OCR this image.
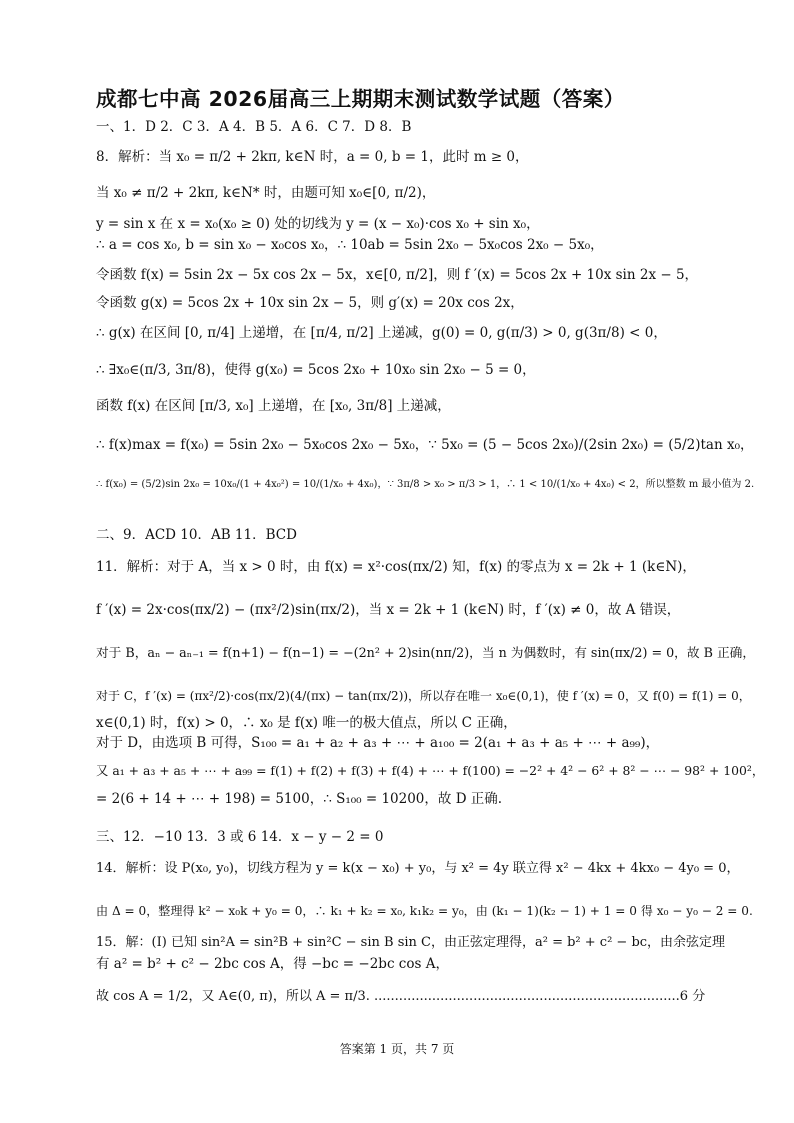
成都七中高 2026届高三上期期末测试数学试题（答案）
一、1．D 2．C 3．A 4．B 5．A 6．C 7．D 8．B
8．解析：当 x₀ = π/2 + 2kπ, k∈N 时，a = 0, b = 1，此时 m ≥ 0，
当 x₀ ≠ π/2 + 2kπ, k∈N* 时，由题可知 x₀∈[0, π/2)，
y = sin x 在 x = x₀(x₀ ≥ 0) 处的切线为 y = (x − x₀)·cos x₀ + sin x₀，
∴ a = cos x₀, b = sin x₀ − x₀cos x₀，∴ 10ab = 5sin 2x₀ − 5x₀cos 2x₀ − 5x₀，
令函数 f(x) = 5sin 2x − 5x cos 2x − 5x，x∈[0, π/2]，则 f ′(x) = 5cos 2x + 10x sin 2x − 5，
令函数 g(x) = 5cos 2x + 10x sin 2x − 5，则 g′(x) = 20x cos 2x，
∴ g(x) 在区间 [0, π/4] 上递增，在 [π/4, π/2] 上递减，g(0) = 0, g(π/3) > 0, g(3π/8) < 0，
∴ ∃x₀∈(π/3, 3π/8)，使得 g(x₀) = 5cos 2x₀ + 10x₀ sin 2x₀ − 5 = 0，
函数 f(x) 在区间 [π/3, x₀] 上递增，在 [x₀, 3π/8] 上递减，
∴ f(x)max = f(x₀) = 5sin 2x₀ − 5x₀cos 2x₀ − 5x₀，∵ 5x₀ = (5 − 5cos 2x₀)/(2sin 2x₀) = (5/2)tan x₀，
∴ f(x₀) = (5/2)sin 2x₀ = 10x₀/(1 + 4x₀²) = 10/(1/x₀ + 4x₀)，∵ 3π/8 > x₀ > π/3 > 1，∴ 1 < 10/(1/x₀ + 4x₀) < 2，所以整数 m 最小值为 2.
二、9．ACD 10．AB 11．BCD
11．解析：对于 A，当 x > 0 时，由 f(x) = x²·cos(πx/2) 知，f(x) 的零点为 x = 2k + 1 (k∈N)，
f ′(x) = 2x·cos(πx/2) − (πx²/2)sin(πx/2)，当 x = 2k + 1 (k∈N) 时，f ′(x) ≠ 0，故 A 错误，
对于 B，aₙ − aₙ₋₁ = f(n+1) − f(n−1) = −(2n² + 2)sin(nπ/2)，当 n 为偶数时，有 sin(πx/2) = 0，故 B 正确，
对于 C，f ′(x) = (πx²/2)·cos(πx/2)(4/(πx) − tan(πx/2))，所以存在唯一 x₀∈(0,1)，使 f ′(x) = 0，又 f(0) = f(1) = 0，
x∈(0,1) 时，f(x) > 0，∴ x₀ 是 f(x) 唯一的极大值点，所以 C 正确，
对于 D，由选项 B 可得，S₁₀₀ = a₁ + a₂ + a₃ + ⋯ + a₁₀₀ = 2(a₁ + a₃ + a₅ + ⋯ + a₉₉)，
又 a₁ + a₃ + a₅ + ⋯ + a₉₉ = f(1) + f(2) + f(3) + f(4) + ⋯ + f(100) = −2² + 4² − 6² + 8² − ⋯ − 98² + 100²，
= 2(6 + 14 + ⋯ + 198) = 5100，∴ S₁₀₀ = 10200，故 D 正确.
三、12．−10 13．3 或 6 14．x − y − 2 = 0
14．解析：设 P(x₀, y₀)，切线方程为 y = k(x − x₀) + y₀，与 x² = 4y 联立得 x² − 4kx + 4kx₀ − 4y₀ = 0，
由 Δ = 0，整理得 k² − x₀k + y₀ = 0，∴ k₁ + k₂ = x₀, k₁k₂ = y₀，由 (k₁ − 1)(k₂ − 1) + 1 = 0 得 x₀ − y₀ − 2 = 0.
15．解：(I) 已知 sin²A = sin²B + sin²C − sin B sin C，由正弦定理得，a² = b² + c² − bc，由余弦定理
有 a² = b² + c² − 2bc cos A，得 −bc = −2bc cos A，
故 cos A = 1/2，又 A∈(0, π)，所以 A = π/3. ..........................................................................6 分
答案第 1 页，共 7 页
